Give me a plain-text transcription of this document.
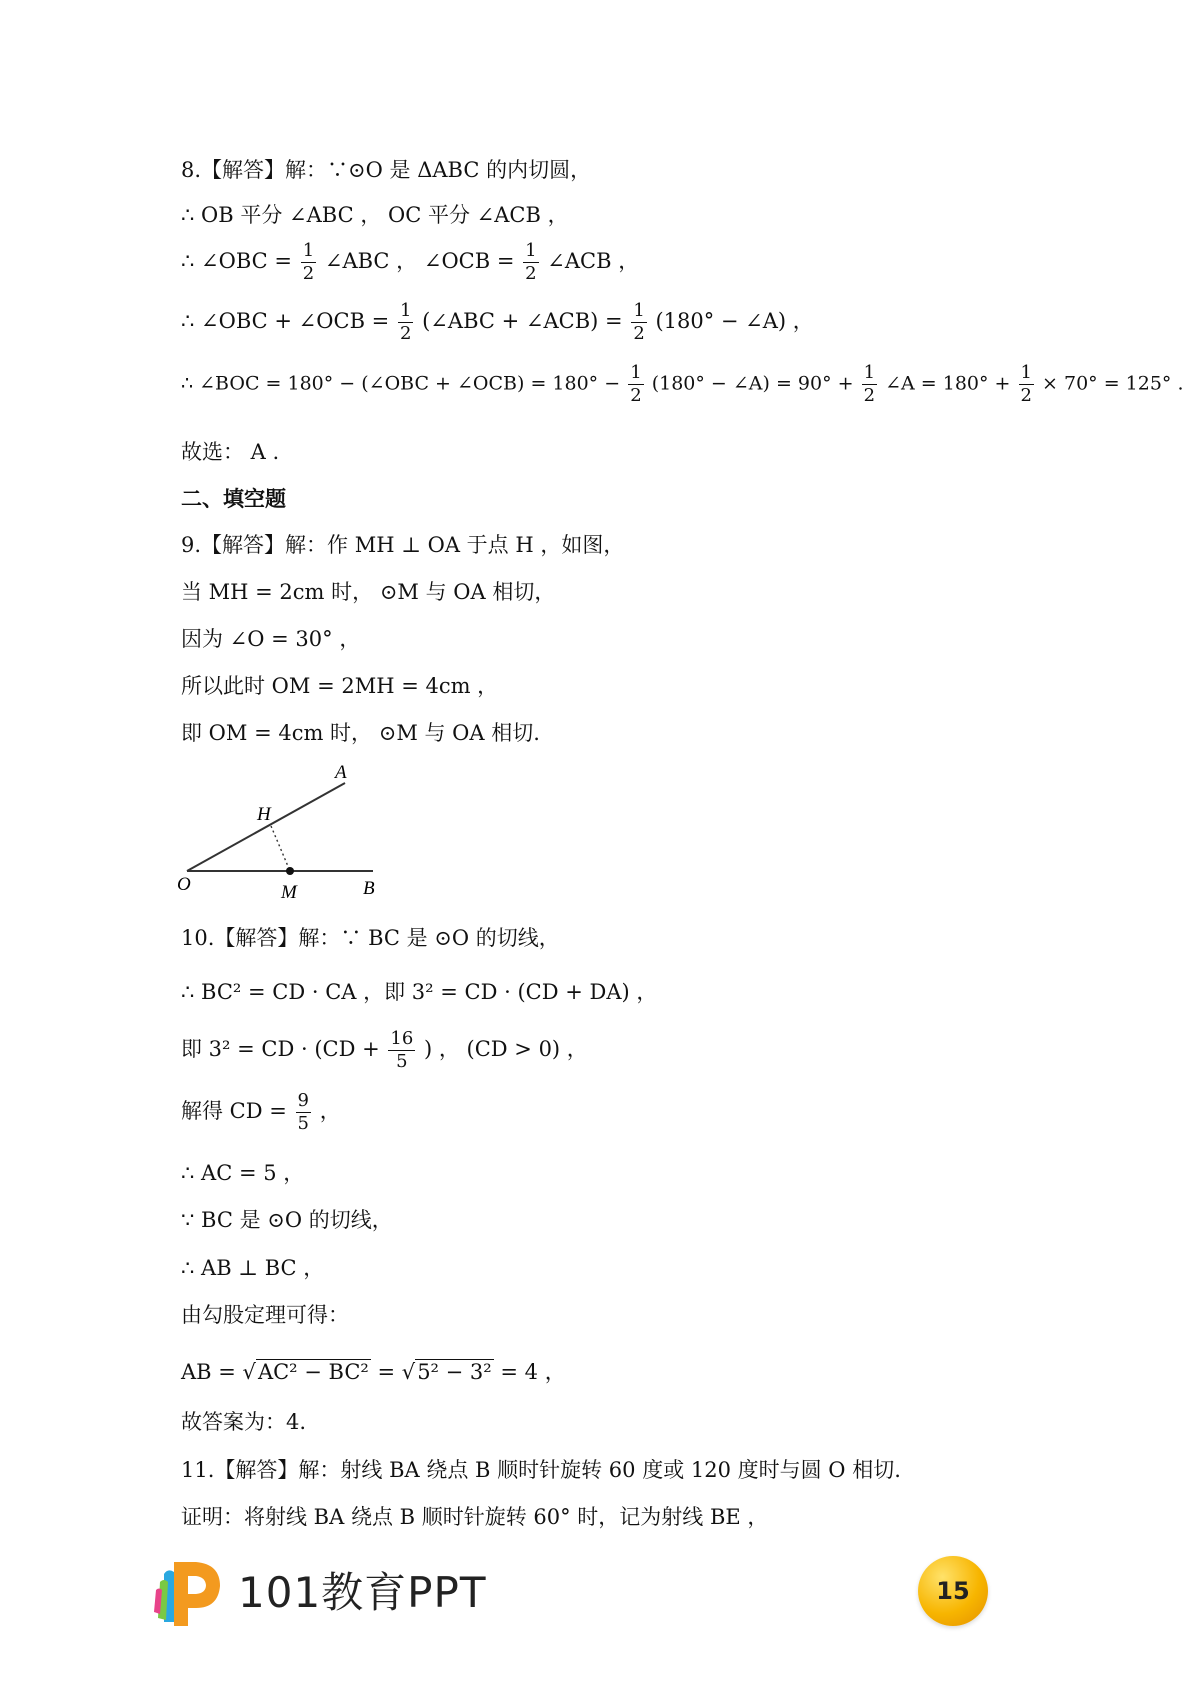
8.【解答】解：∵⊙O 是 ΔABC 的内切圆，
∴ OB 平分 ∠ABC ， OC 平分 ∠ACB ，
∴ ∠OBC = $\frac{1}{2}$ ∠ABC ， ∠OCB = $\frac{1}{2}$ ∠ACB ，
∴ ∠OBC + ∠OCB = $\frac{1}{2}$ (∠ABC + ∠ACB) = $\frac{1}{2} (180^\circ$ − ∠A) ，
∴ ∠BOC = 180° − (∠OBC + ∠OCB) = $180^\circ - \frac{1}{2} (180^\circ$ − ∠A) = $90^\circ + \frac{1}{2}$ ∠A = $180^\circ + \frac{1}{2} \times 70^\circ = 125^\circ$ .
故选： A .
二、填空题
9.【解答】解：作 MH ⊥ OA 于点 H ，如图，
当 MH = 2cm 时， ⊙M 与 OA 相切，
因为 ∠O = 30° ，
所以此时 OM = 2MH = 4cm ，
即 OM = 4cm 时， ⊙M 与 OA 相切.
A
H
O	M	B
10.【解答】解：∵ BC 是 ⊙O 的切线，
∴ BC² = CD · CA ，即 3² = CD · (CD + DA) ，
即 3² = CD · ($CD + \frac{16}{5}$ ) ， (CD > 0) ，
解得 CD = $\frac{9}{5}$ ，
∴ AC = 5 ，
∵ BC 是 ⊙O 的切线，
∴ AB ⊥ BC ，
由勾股定理可得：
AB = √AC² − BC² = √5² − 3² = 4 ，
故答案为：4.
11.【解答】解：射线 BA 绕点 B 顺时针旋转 60 度或 120 度时与圆 O 相切.
证明：将射线 BA 绕点 B 顺时针旋转 60° 时，记为射线 BE ，
101教育PPT	15
